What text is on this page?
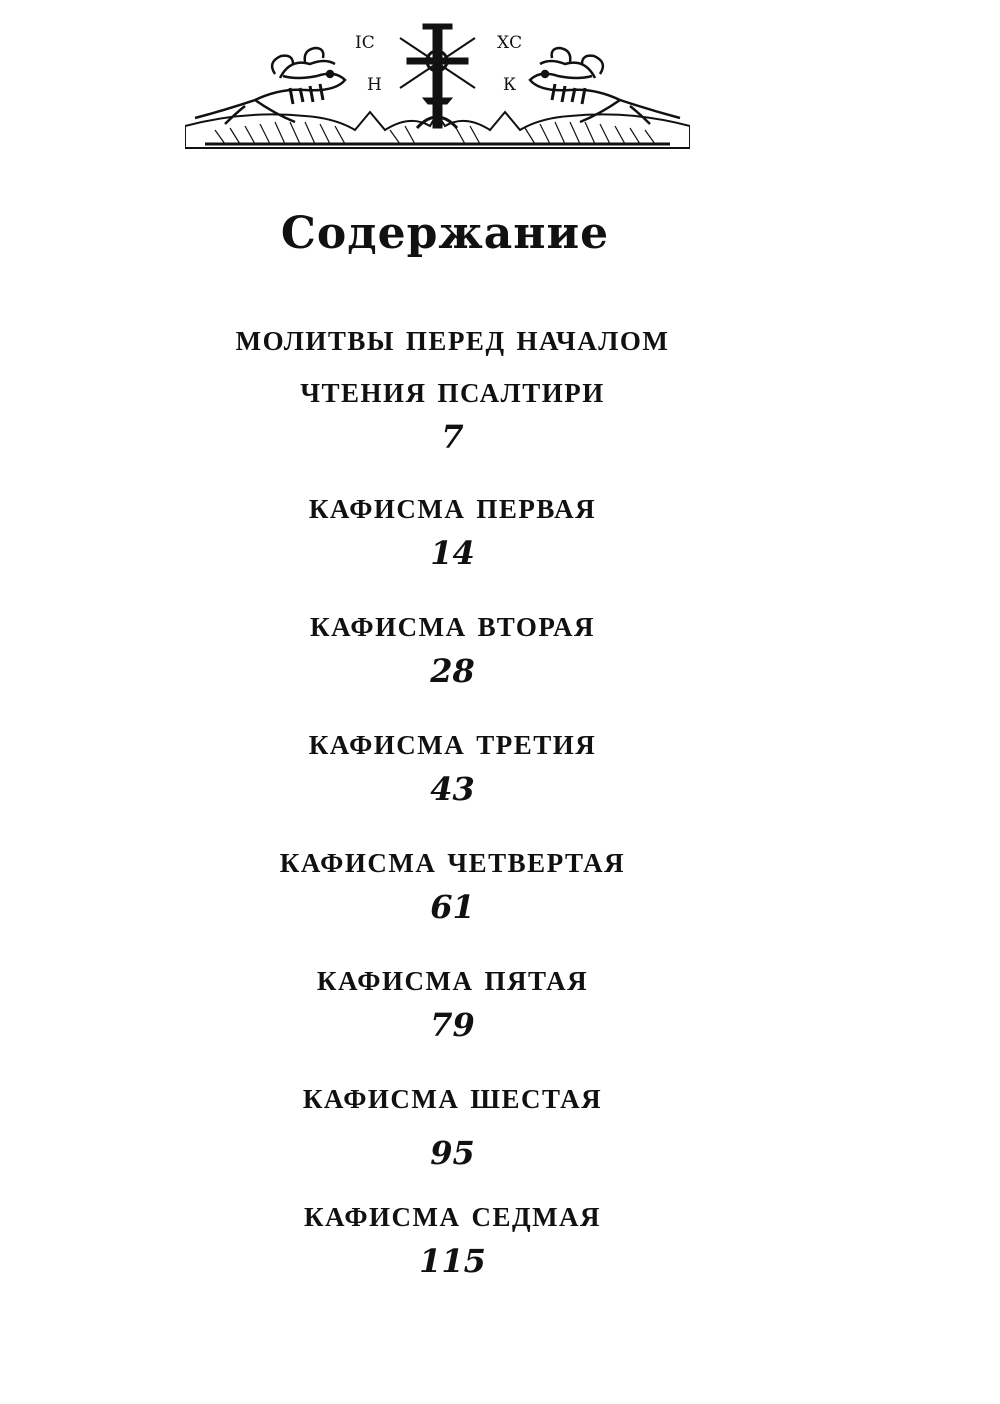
ІС
Н
ХС
К
Содержание
молитвы перед началом
чтения псалтири
7
кафисма первая
14
кафисма вторая
28
кафисма третия
43
кафисма четвертая
61
кафисма пятая
79
кафисма шестая
95
кафисма седмая
115
